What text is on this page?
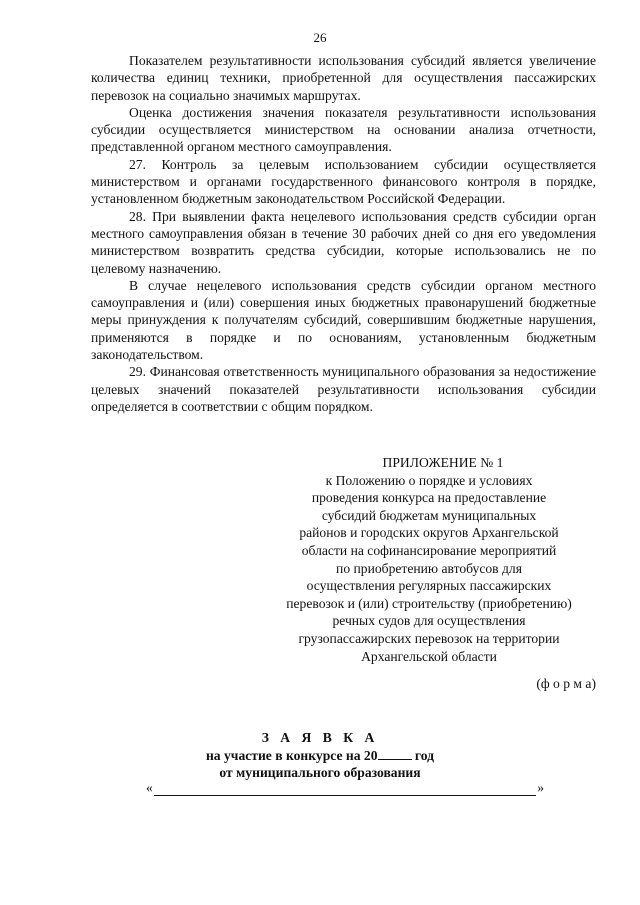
26

Показателем результативности использования субсидий является увеличение количества единиц техники, приобретенной для осуществления пассажирских перевозок на социально значимых маршрутах.

Оценка достижения значения показателя результативности использования субсидии осуществляется министерством на основании анализа отчетности, представленной органом местного самоуправления.

27. Контроль за целевым использованием субсидии осуществляется министерством и органами государственного финансового контроля в порядке, установленном бюджетным законодательством Российской Федерации.

28. При выявлении факта нецелевого использования средств субсидии орган местного самоуправления обязан в течение 30 рабочих дней со дня его уведомления министерством возвратить средства субсидии, которые использовались не по целевому назначению.

В случае нецелевого использования средств субсидии органом местного самоуправления и (или) совершения иных бюджетных правонарушений бюджетные меры принуждения к получателям субсидий, совершившим бюджетные нарушения, применяются в порядке и по основаниям, установленным бюджетным законодательством.

29. Финансовая ответственность муниципального образования за недостижение целевых значений показателей результативности использования субсидии определяется в соответствии с общим порядком.

ПРИЛОЖЕНИЕ № 1

к Положению о порядке и условиях

проведения конкурса на предоставление

субсидий бюджетам муниципальных

районов и городских округов Архангельской

области на софинансирование мероприятий

по приобретению автобусов для

осуществления регулярных пассажирских

перевозок и (или) строительству (приобретению)

речных судов для осуществления

грузопассажирских перевозок на территории

Архангельской области

(ф о р м а)

З А Я В К А

на участие в конкурсе на 20	год

от муниципального образования

«	»
